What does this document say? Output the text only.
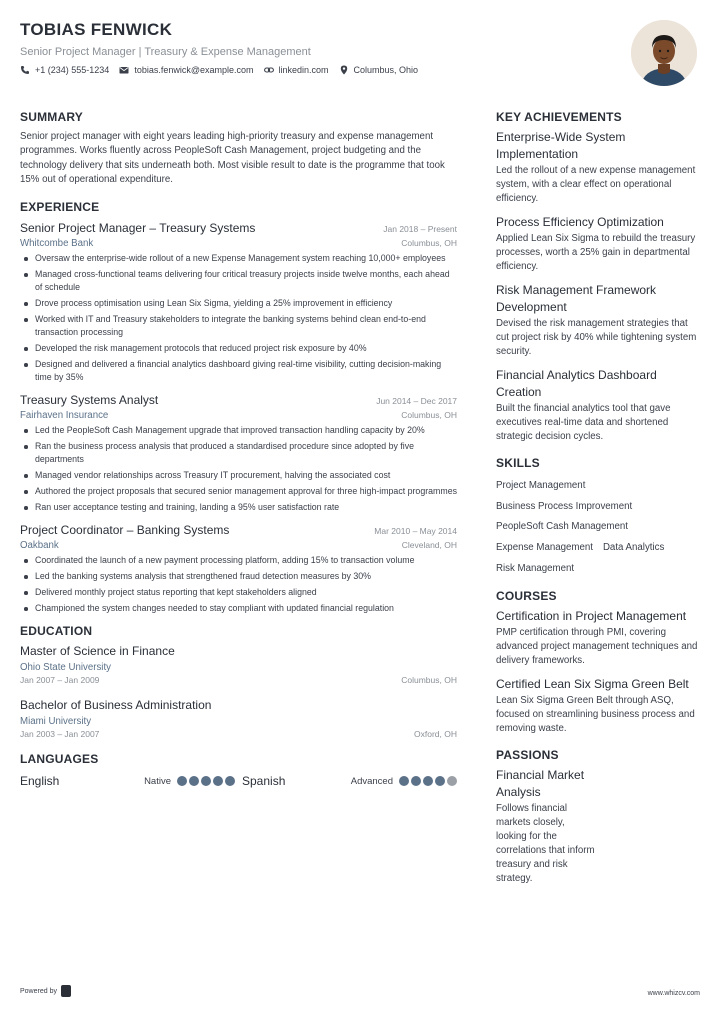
TOBIAS FENWICK
Senior Project Manager | Treasury & Expense Management
+1 (234) 555-1234	tobias.fenwick@example.com	linkedin.com	Columbus, Ohio
SUMMARY
Senior project manager with eight years leading high-priority treasury and expense management programmes. Works fluently across PeopleSoft Cash Management, project budgeting and the technology delivery that sits underneath both. Most visible result to date is the programme that took 15% out of operational expenditure.
EXPERIENCE
Senior Project Manager – Treasury Systems	Jan 2018 – Present
Whitcombe Bank	Columbus, OH
Oversaw the enterprise-wide rollout of a new Expense Management system reaching 10,000+ employees
Managed cross-functional teams delivering four critical treasury projects inside twelve months, each ahead of schedule
Drove process optimisation using Lean Six Sigma, yielding a 25% improvement in efficiency
Worked with IT and Treasury stakeholders to integrate the banking systems behind clean end-to-end transaction processing
Developed the risk management protocols that reduced project risk exposure by 40%
Designed and delivered a financial analytics dashboard giving real-time visibility, cutting decision-making time by 35%
Treasury Systems Analyst	Jun 2014 – Dec 2017
Fairhaven Insurance	Columbus, OH
Led the PeopleSoft Cash Management upgrade that improved transaction handling capacity by 20%
Ran the business process analysis that produced a standardised procedure since adopted by five departments
Managed vendor relationships across Treasury IT procurement, halving the associated cost
Authored the project proposals that secured senior management approval for three high-impact programmes
Ran user acceptance testing and training, landing a 95% user satisfaction rate
Project Coordinator – Banking Systems	Mar 2010 – May 2014
Oakbank	Cleveland, OH
Coordinated the launch of a new payment processing platform, adding 15% to transaction volume
Led the banking systems analysis that strengthened fraud detection measures by 30%
Delivered monthly project status reporting that kept stakeholders aligned
Championed the system changes needed to stay compliant with updated financial regulation
EDUCATION
Master of Science in Finance
Ohio State University
Jan 2007 – Jan 2009	Columbus, OH
Bachelor of Business Administration
Miami University
Jan 2003 – Jan 2007	Oxford, OH
LANGUAGES
English	Native	Spanish	Advanced
KEY ACHIEVEMENTS
Enterprise-Wide System Implementation
Led the rollout of a new expense management system, with a clear effect on operational efficiency.
Process Efficiency Optimization
Applied Lean Six Sigma to rebuild the treasury processes, worth a 25% gain in departmental efficiency.
Risk Management Framework Development
Devised the risk management strategies that cut project risk by 40% while tightening system security.
Financial Analytics Dashboard Creation
Built the financial analytics tool that gave executives real-time data and shortened strategic decision cycles.
SKILLS
Project Management
Business Process Improvement
PeopleSoft Cash Management
Expense Management Data Analytics
Risk Management
COURSES
Certification in Project Management
PMP certification through PMI, covering advanced project management techniques and delivery frameworks.
Certified Lean Six Sigma Green Belt
Lean Six Sigma Green Belt through ASQ, focused on streamlining business process and removing waste.
PASSIONS
Financial Market Analysis
Follows financial markets closely, looking for the correlations that inform treasury and risk strategy.
Powered by	www.whizcv.com
